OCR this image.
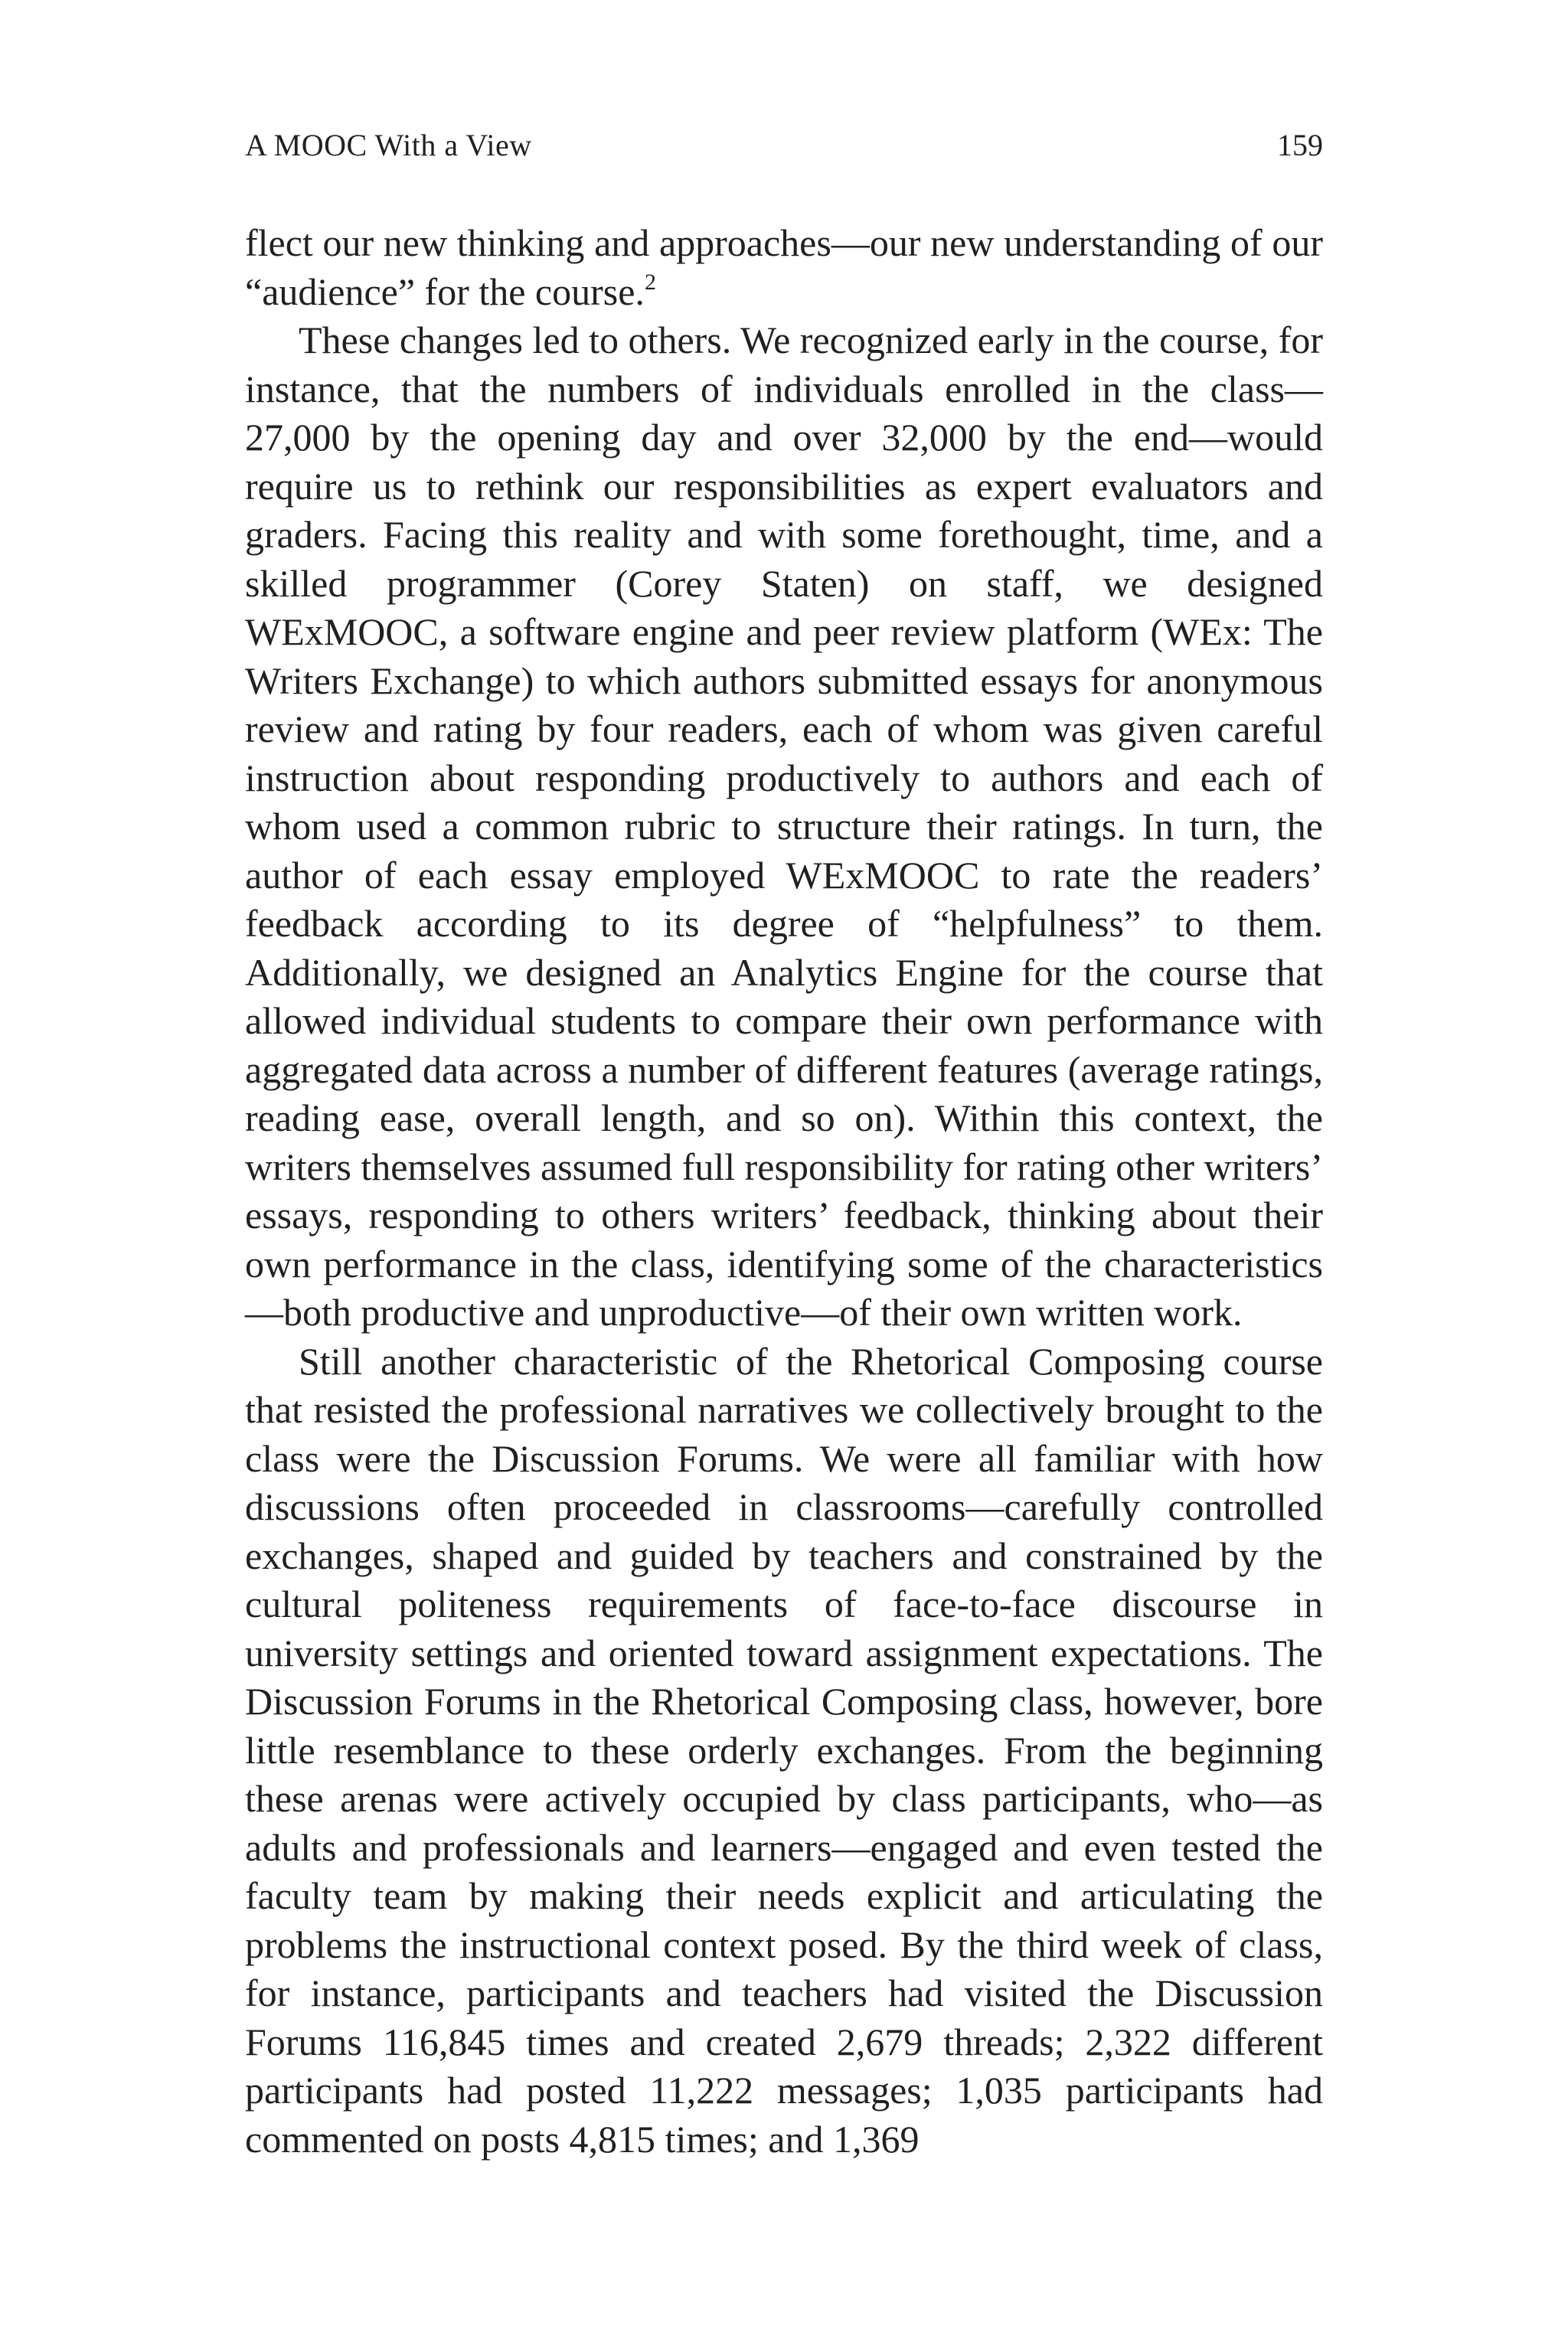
A MOOC With a View	159

flect our new thinking and approaches—our new understanding of our “audience” for the course.$^2$

These changes led to others. We recognized early in the course, for instance, that the numbers of individuals enrolled in the class—27,000 by the opening day and over 32,000 by the end—would require us to rethink our responsibilities as expert evaluators and graders. Facing this reality and with some forethought, time, and a skilled programmer (Corey Staten) on staff, we designed WExMOOC, a software engine and peer review platform (WEx: The Writers Exchange) to which authors submitted essays for anonymous review and rating by four readers, each of whom was given careful instruction about responding productively to authors and each of whom used a common rubric to structure their ratings. In turn, the author of each essay employed WExMOOC to rate the readers’ feedback according to its degree of “helpfulness” to them. Additionally, we designed an Analytics Engine for the course that allowed individual students to compare their own performance with aggregated data across a number of different features (average ratings, reading ease, overall length, and so on). Within this context, the writers themselves assumed full responsibility for rating other writers’ essays, responding to others writers’ feedback, thinking about their own performance in the class, identifying some of the characteristics—both productive and unproductive—of their own written work.

Still another characteristic of the Rhetorical Composing course that resisted the professional narratives we collectively brought to the class were the Discussion Forums. We were all familiar with how discussions often proceeded in classrooms—carefully controlled exchanges, shaped and guided by teachers and constrained by the cultural politeness requirements of face-to-face discourse in university settings and oriented toward assignment expectations. The Discussion Forums in the Rhetorical Composing class, however, bore little resemblance to these orderly exchanges. From the beginning these arenas were actively occupied by class participants, who—as adults and professionals and learners—engaged and even tested the faculty team by making their needs explicit and articulating the problems the instructional context posed. By the third week of class, for instance, participants and teachers had visited the Discussion Forums 116,845 times and created 2,679 threads; 2,322 different participants had posted 11,222 messages; 1,035 participants had commented on posts 4,815 times; and 1,369
